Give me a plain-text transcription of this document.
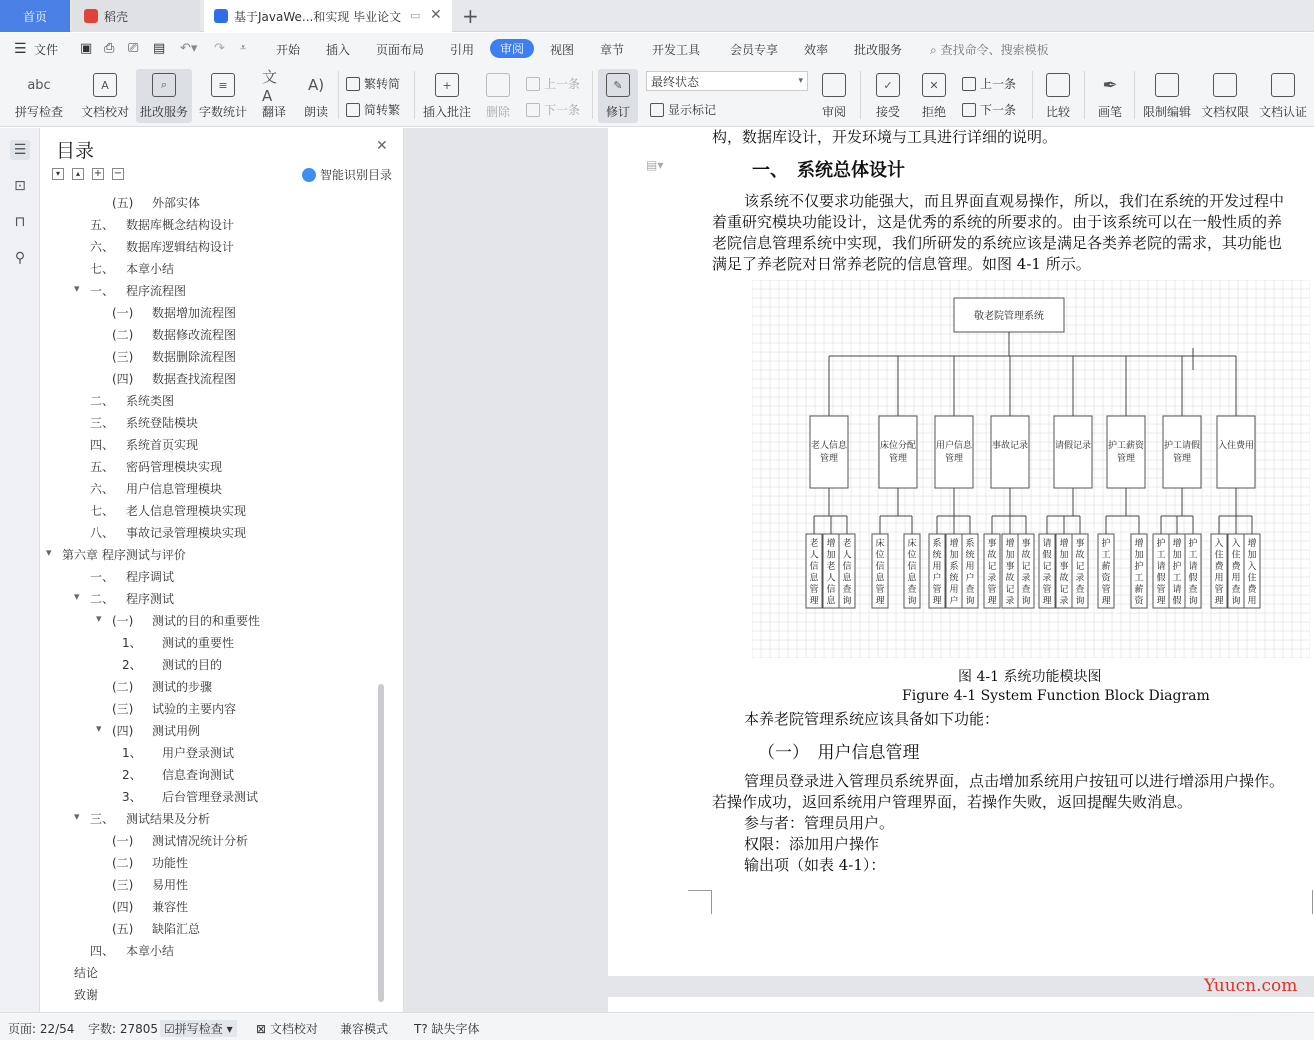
首页	稻壳	基于JavaWe...和实现 毕业论文 ▭ ✕ +
☰ 文件 ▣ ⎙ ⎚ ▤ ↶▾ ↷ ⩡ 开始 插入 页面布局 引用	审阅	视图 章节 开发工具 会员专享 效率 批改服务 ⌕ 查找命令、搜索模板
abc
拼写检查
A
文档校对
⌕
批改服务
≡
字数统计
文A
翻译
A)
朗读
繁转简
简转繁
+
插入批注 删除
上一条
下一条
✎
修订
最终状态	▾
显示标记	审阅
✓
接受
✕
拒绝
上一条
下一条 比较
✒
画笔 限制编辑 文档权限 文档认证
☰
⊡
⊓
⚲
目录	✕
▾	▴	+ −	智能识别目录
(五) 外部实体
五、 数据库概念结构设计
六、 数据库逻辑结构设计
七、 本章小结
▾ 一、 程序流程图
(一) 数据增加流程图
(二) 数据修改流程图
(三) 数据删除流程图
(四) 数据查找流程图
二、 系统类图
三、 系统登陆模块
四、 系统首页实现
五、 密码管理模块实现
六、 用户信息管理模块
七、 老人信息管理模块实现
八、 事故记录管理模块实现
▾ 第六章 程序测试与评价
一、 程序调试
▾ 二、 程序测试
▾ (一) 测试的目的和重要性
1、 测试的重要性
2、 测试的目的
(二) 测试的步骤
(三) 试验的主要内容
▾ (四) 测试用例
1、 用户登录测试
2、 信息查询测试
3、 后台管理登录测试
▾ 三、 测试结果及分析
(一) 测试情况统计分析
(二) 功能性
(三) 易用性
(四) 兼容性
(五) 缺陷汇总
四、 本章小结
结论
致谢
构，数据库设计，开发环境与工具进行详细的说明。
▤▾	一、　系统总体设计
该系统不仅要求功能强大，而且界面直观易操作，所以，我们在系统的开发过程中
着重研究模块功能设计，这是优秀的系统的所要求的。由于该系统可以在一般性质的养
老院信息管理系统中实现，我们所研发的系统应该是满足各类养老院的需求，其功能也
满足了养老院对日常养老院的信息管理。如图 4-1 所示。
敬老院管理系统
老人信息管理
床位分配管理
用户信息管理
事故记录	请假记录 护工薪资管理
护工请假管理
入住费用
老人信息管理
增加老人信息
老人信息查询
床位信息管理
床位信息查询
系统用户管理
增加系统用户
系统用户查询
事故记录管理
增加事故记录
事故记录查询
请假记录管理
增加事故记录
事故记录查询
护工薪资管理
增加护工薪资
护工请假管理
增加护工请假
护工请假查询
入住费用管理
入住费用查询
增加入住费用
图 4-1 系统功能模块图
Figure 4-1 System Function Block Diagram
本养老院管理系统应该具备如下功能：
（一）　用户信息管理
管理员登录进入管理员系统界面，点击增加系统用户按钮可以进行增添用户操作。
若操作成功，返回系统用户管理界面，若操作失败，返回提醒失败消息。
参与者：管理员用户。
权限：添加用户操作
输出项（如表 4-1）：
Yuucn.com
页面: 22/54 字数: 27805 ☑拼写检查 ▾	⊠ 文档校对 兼容模式 T? 缺失字体
